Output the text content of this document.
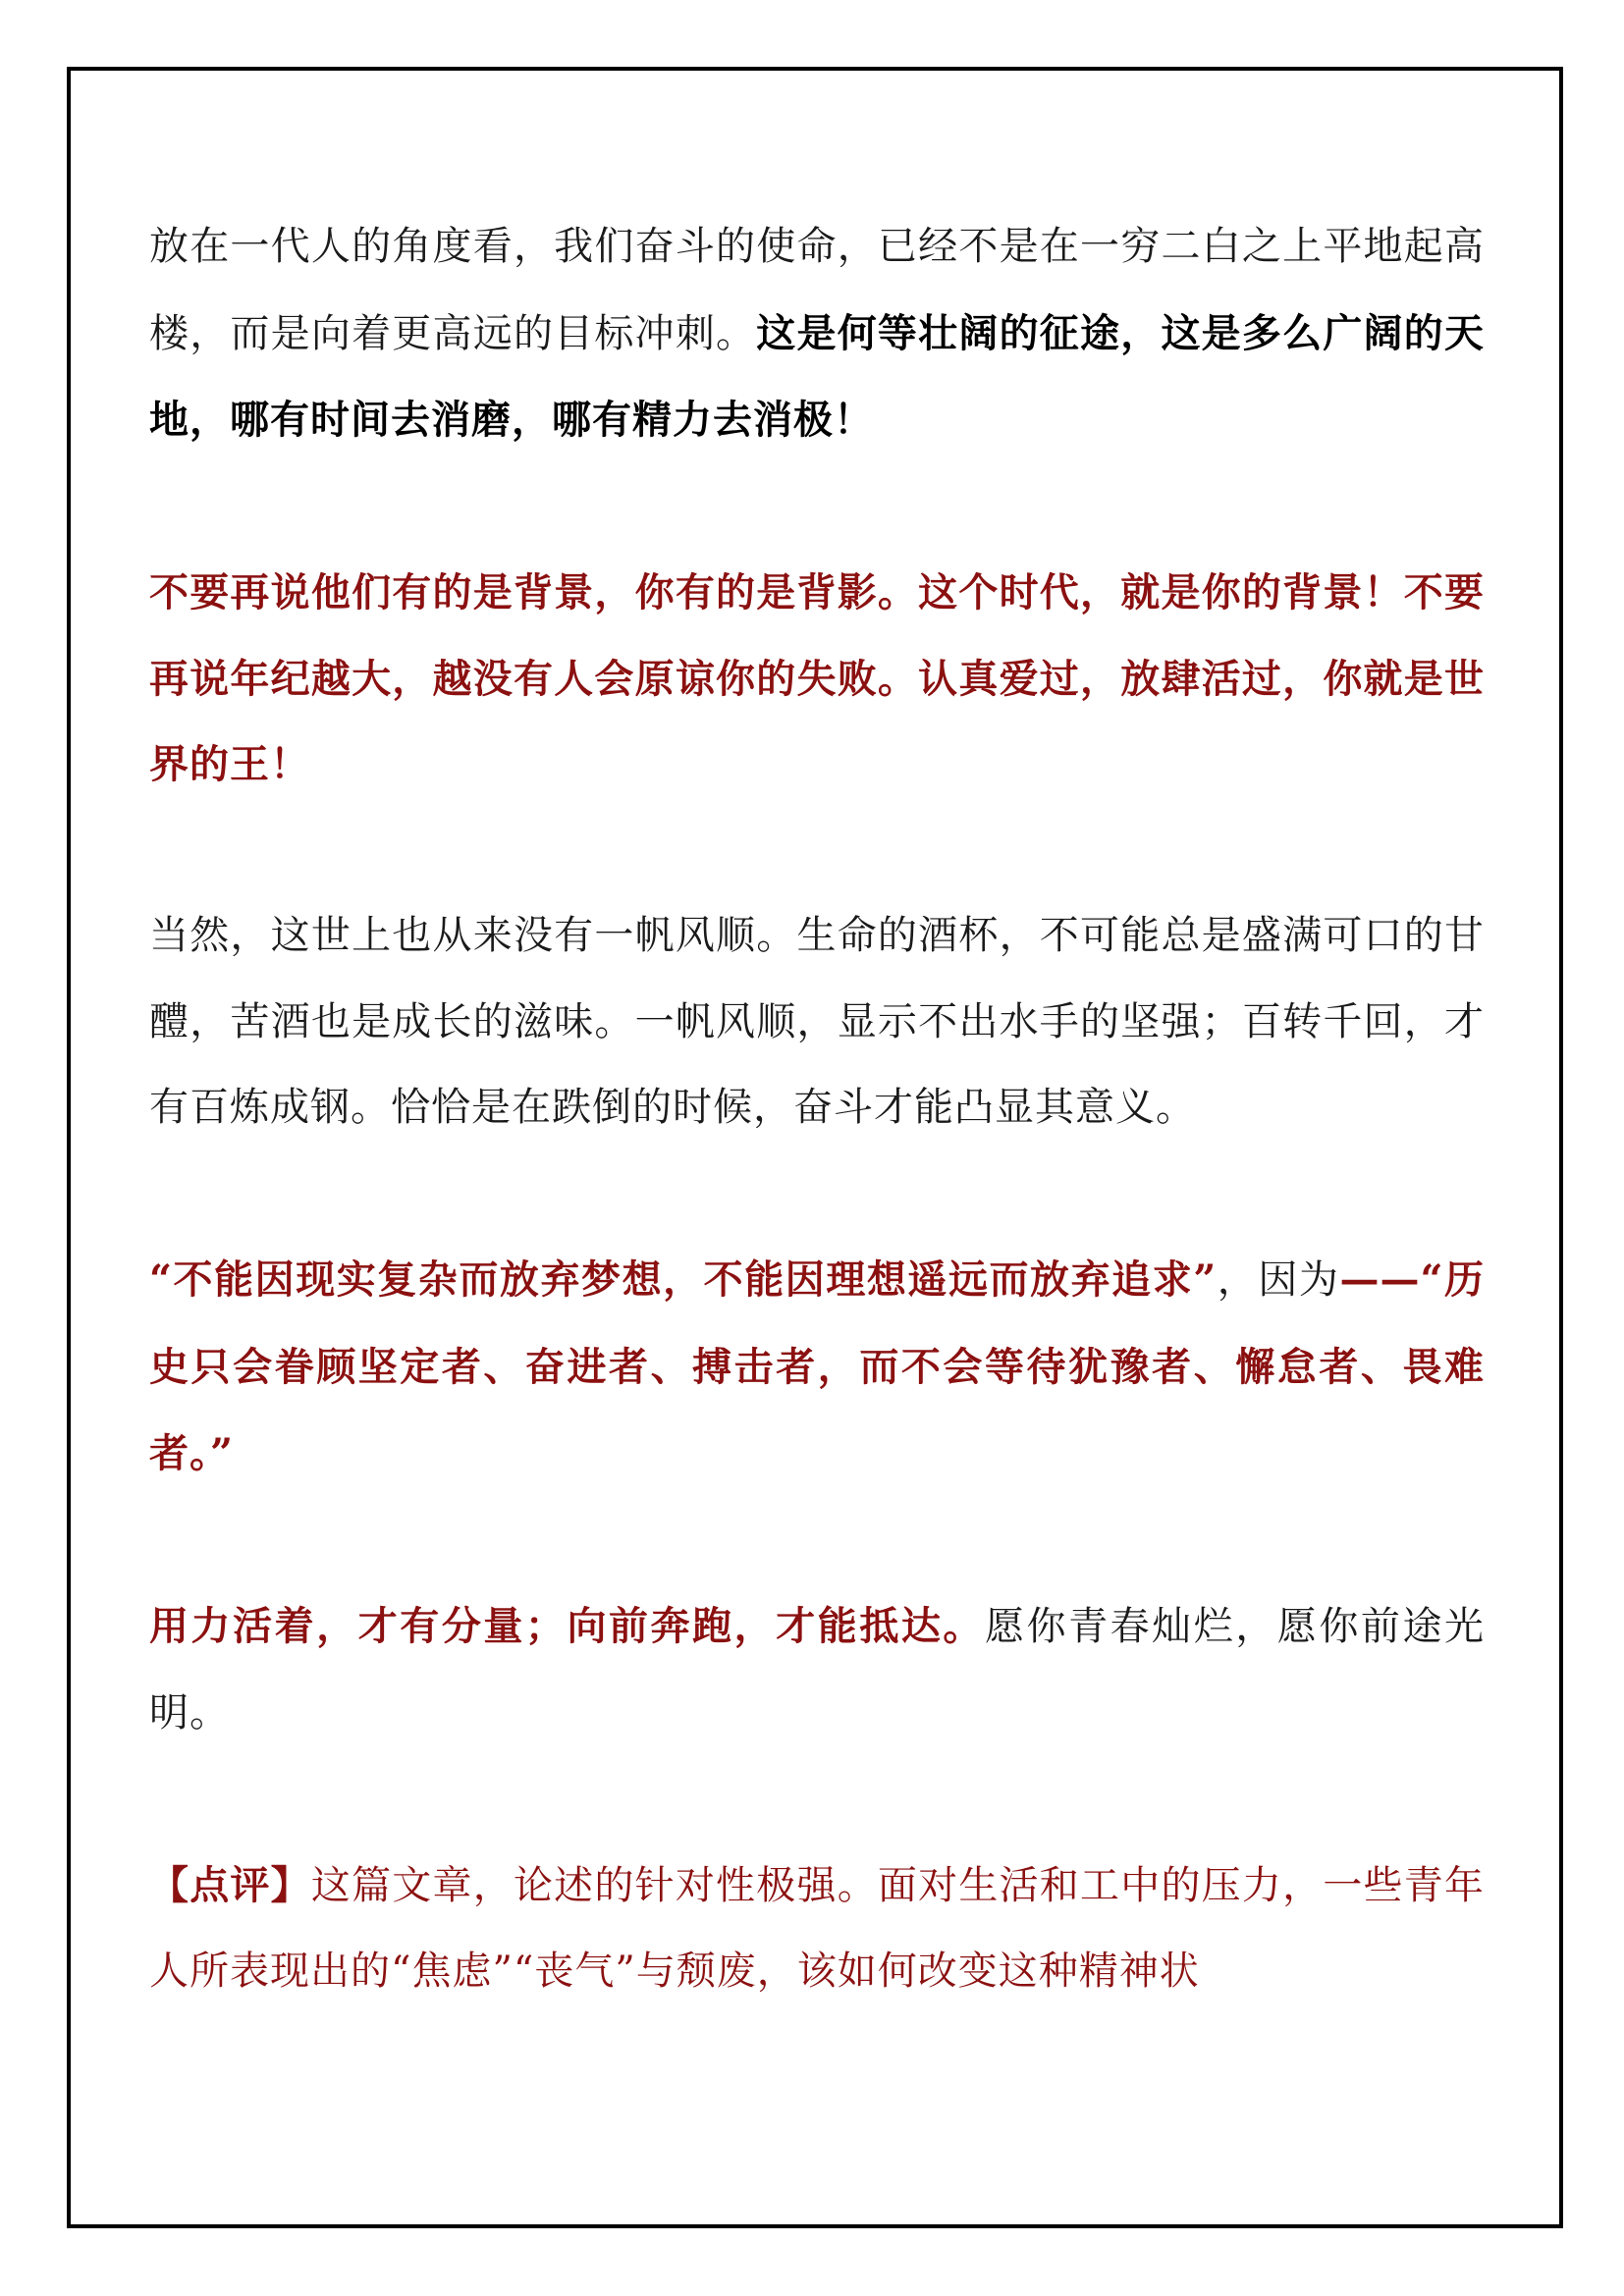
放在一代人的角度看，我们奋斗的使命，已经不是在一穷二白之上平地起高楼，而是向着更高远的目标冲刺。这是何等壮阔的征途，这是多么广阔的天地，哪有时间去消磨，哪有精力去消极！

不要再说他们有的是背景，你有的是背影。这个时代，就是你的背景！不要再说年纪越大，越没有人会原谅你的失败。认真爱过，放肆活过，你就是世界的王！

当然，这世上也从来没有一帆风顺。生命的酒杯，不可能总是盛满可口的甘醴，苦酒也是成长的滋味。一帆风顺，显示不出水手的坚强；百转千回，才有百炼成钢。恰恰是在跌倒的时候，奋斗才能凸显其意义。

“不能因现实复杂而放弃梦想，不能因理想遥远而放弃追求”，因为——“历史只会眷顾坚定者、奋进者、搏击者，而不会等待犹豫者、懈怠者、畏难者。”

用力活着，才有分量；向前奔跑，才能抵达。愿你青春灿烂，愿你前途光明。

【点评】这篇文章，论述的针对性极强。面对生活和工中的压力，一些青年人所表现出的“焦虑”“丧气”与颓废，该如何改变这种精神状
